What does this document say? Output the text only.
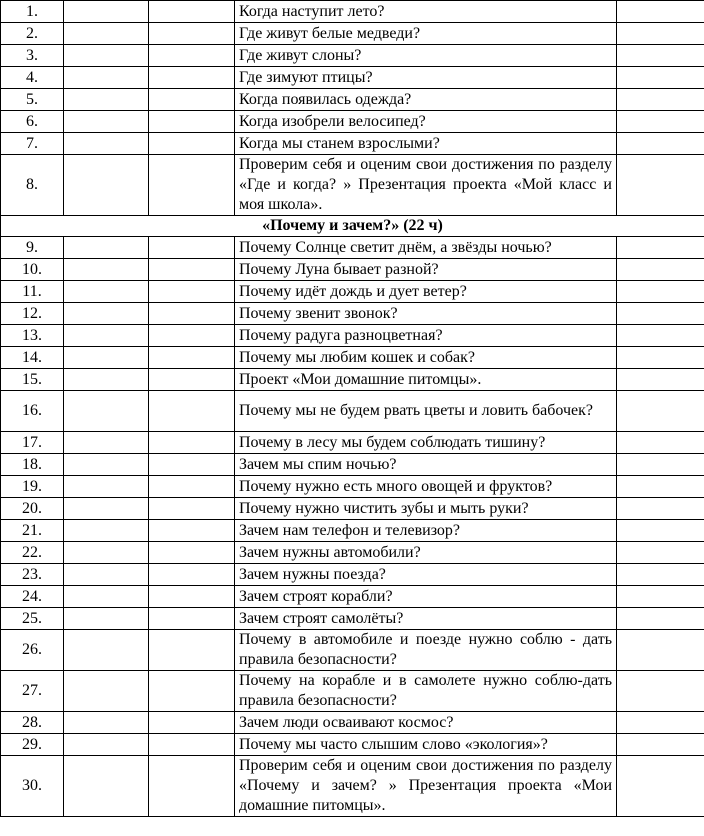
1.			Когда наступит лето?	
2.			Где живут белые медведи?	
3.			Где живут слоны?	
4.			Где зимуют птицы?	
5.			Когда появилась одежда?	
6.			Когда изобрели велосипед?	
7.			Когда мы станем взрослыми?	
8.			Проверим себя и оценим свои достижения по разделу «Где и когда? » Презентация проекта «Мой класс и моя школа».	
«Почему и зачем?» (22 ч)				
9.			Почему Солнце светит днём, а звёзды ночью?	
10.			Почему Луна бывает разной?	
11.			Почему идёт дождь и дует ветер?	
12.			Почему звенит звонок?	
13.			Почему радуга разноцветная?	
14.			Почему мы любим кошек и собак?	
15.			Проект «Мои домашние питомцы».	
16.			Почему мы не будем рвать цветы и ловить бабочек?	
17.			Почему в лесу мы будем соблюдать тишину?	
18.			Зачем мы спим ночью?	
19.			Почему нужно есть много овощей и фруктов?	
20.			Почему нужно чистить зубы и мыть руки?	
21.			Зачем нам телефон и телевизор?	
22.			Зачем нужны автомобили?	
23.			Зачем нужны поезда?	
24.			Зачем строят корабли?	
25.			Зачем строят самолёты?	
26.			Почему в автомобиле и поезде нужно соблю - дать правила безопасности?	
27.			Почему на корабле и в самолете нужно соблю-дать правила безопасности?	
28.			Зачем люди осваивают космос?	
29.			Почему мы часто слышим слово «экология»?	
30.			Проверим себя и оценим свои достижения по разделу «Почему и зачем? » Презентация проекта «Мои домашние питомцы».	
